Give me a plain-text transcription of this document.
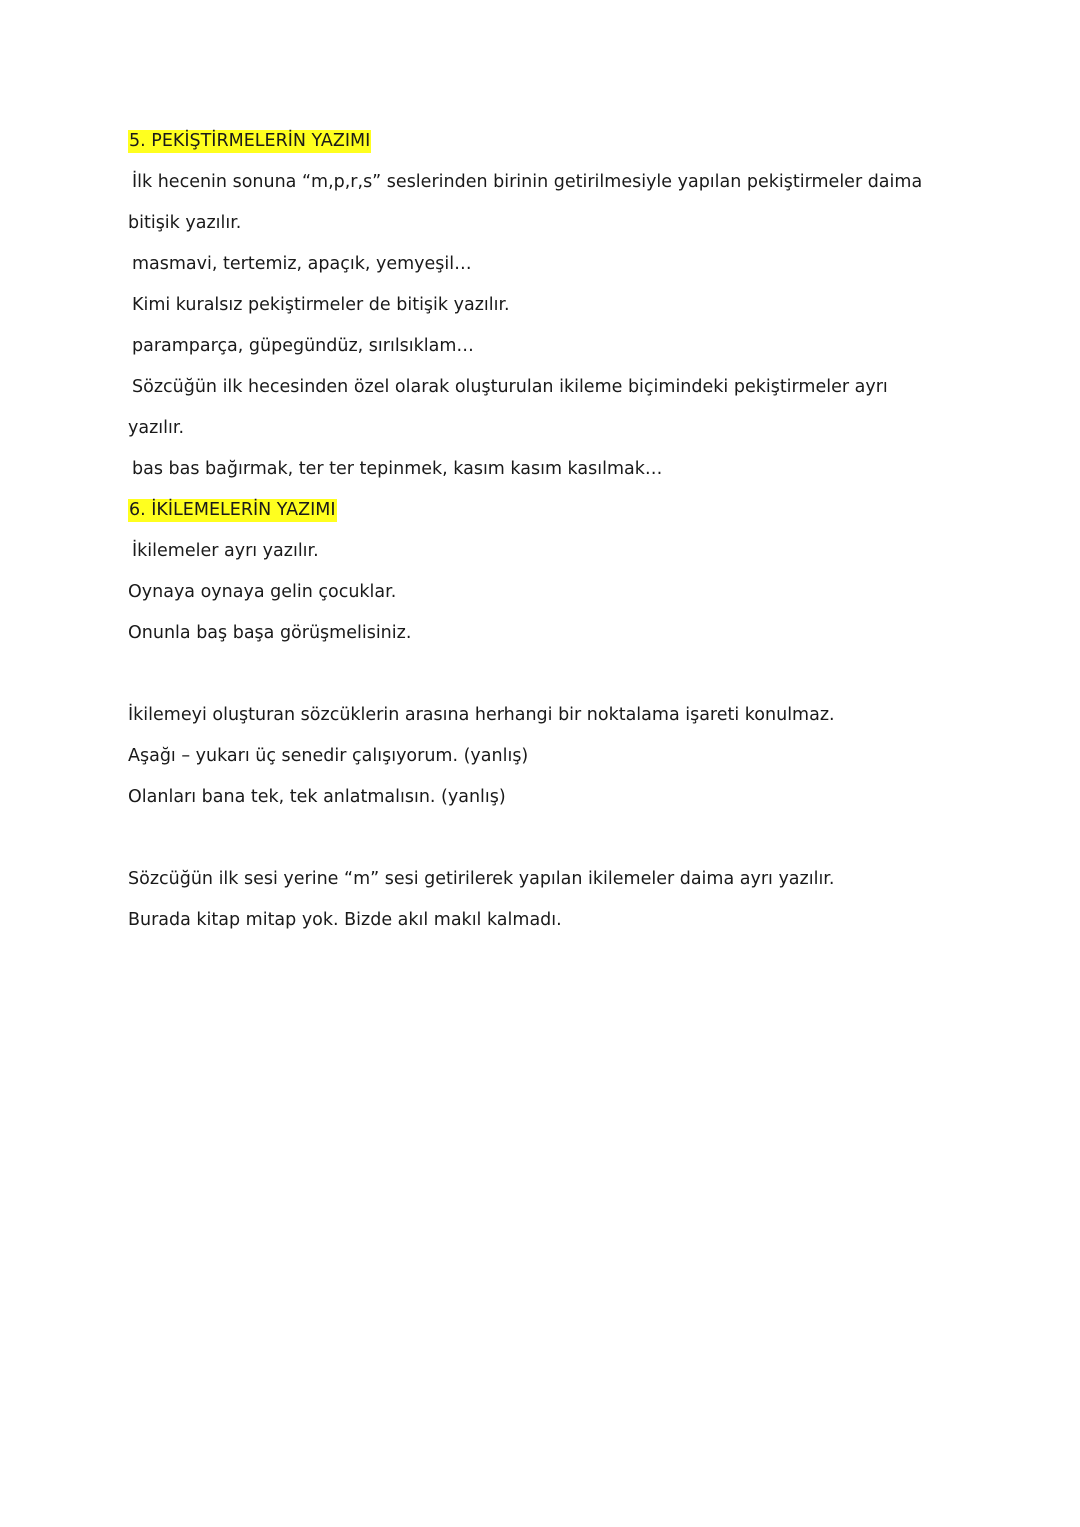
5. PEKİŞTİRMELERİN YAZIMI
İlk hecenin sonuna “m,p,r,s” seslerinden birinin getirilmesiyle yapılan pekiştirmeler daima
bitişik yazılır.
masmavi, tertemiz, apaçık, yemyeşil…
Kimi kuralsız pekiştirmeler de bitişik yazılır.
paramparça, güpegündüz, sırılsıklam…
Sözcüğün ilk hecesinden özel olarak oluşturulan ikileme biçimindeki pekiştirmeler ayrı
yazılır.
bas bas bağırmak, ter ter tepinmek, kasım kasım kasılmak…
6. İKİLEMELERİN YAZIMI
İkilemeler ayrı yazılır.
Oynaya oynaya gelin çocuklar.
Onunla baş başa görüşmelisiniz.
İkilemeyi oluşturan sözcüklerin arasına herhangi bir noktalama işareti konulmaz.
Aşağı – yukarı üç senedir çalışıyorum. (yanlış)
Olanları bana tek, tek anlatmalısın. (yanlış)
Sözcüğün ilk sesi yerine “m” sesi getirilerek yapılan ikilemeler daima ayrı yazılır.
Burada kitap mitap yok. Bizde akıl makıl kalmadı.
